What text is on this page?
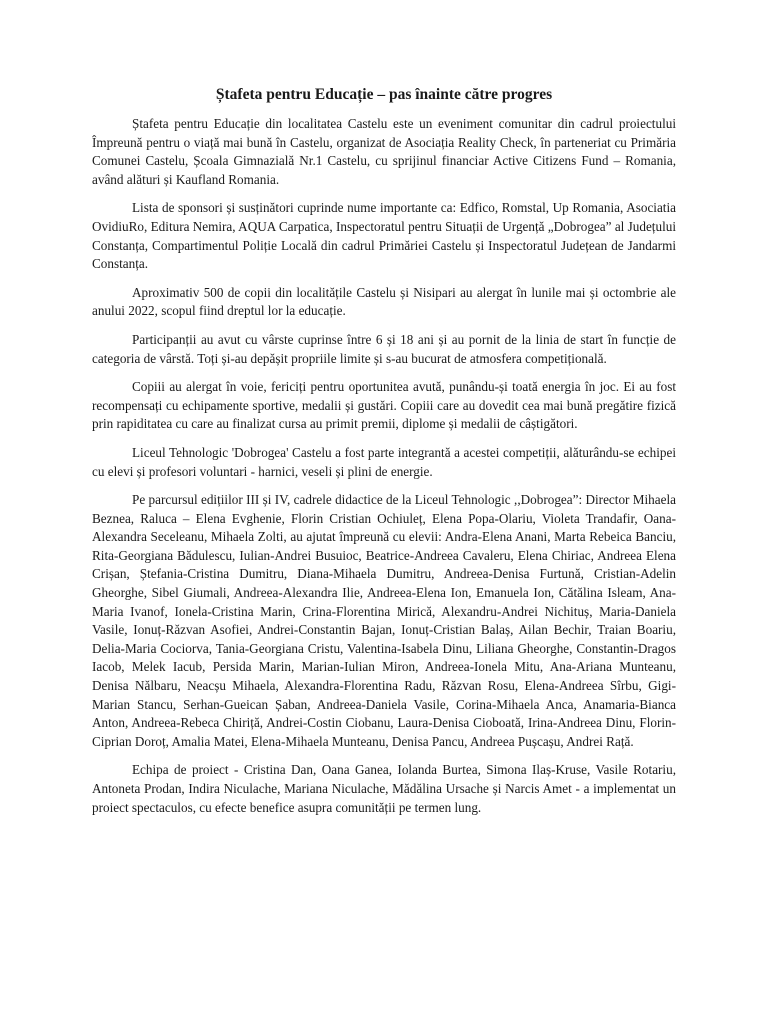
Ștafeta pentru Educație – pas înainte către progres

Ștafeta pentru Educație din localitatea Castelu este un eveniment comunitar din cadrul proiectului Împreună pentru o viață mai bună în Castelu, organizat de Asociația Reality Check, în parteneriat cu Primăria Comunei Castelu, Școala Gimnazială Nr.1 Castelu, cu sprijinul financiar Active Citizens Fund – Romania, având alături și Kaufland Romania.

Lista de sponsori și susținători cuprinde nume importante ca: Edfico, Romstal, Up Romania, Asociatia OvidiuRo, Editura Nemira, AQUA Carpatica, Inspectoratul pentru Situații de Urgență „Dobrogea” al Județului Constanța, Compartimentul Poliție Locală din cadrul Primăriei Castelu și Inspectoratul Județean de Jandarmi Constanța.

Aproximativ 500 de copii din localitățile Castelu și Nisipari au alergat în lunile mai și octombrie ale anului 2022, scopul fiind dreptul lor la educație.

Participanții au avut cu vârste cuprinse între 6 și 18 ani și au pornit de la linia de start în funcție de categoria de vârstă. Toți și-au depășit propriile limite și s-au bucurat de atmosfera competițională.

Copiii au alergat în voie, fericiți pentru oportunitea avută, punându-și toată energia în joc. Ei au fost recompensați cu echipamente sportive, medalii și gustări. Copiii care au dovedit cea mai bună pregătire fizică prin rapiditatea cu care au finalizat cursa au primit premii, diplome și medalii de câștigători.

Liceul Tehnologic 'Dobrogea' Castelu a fost parte integrantă a acestei competiții, alăturându-se echipei cu elevi și profesori voluntari - harnici, veseli și plini de energie.

Pe parcursul edițiilor III și IV, cadrele didactice de la Liceul Tehnologic ,,Dobrogea”: Director Mihaela Beznea, Raluca – Elena Evghenie, Florin Cristian Ochiuleț, Elena Popa-Olariu, Violeta Trandafir, Oana-Alexandra Seceleanu, Mihaela Zolti, au ajutat împreună cu elevii: Andra-Elena Anani, Marta Rebeica Banciu, Rita-Georgiana Bădulescu, Iulian-Andrei Busuioc, Beatrice-Andreea Cavaleru, Elena Chiriac, Andreea Elena Crișan, Ștefania-Cristina Dumitru, Diana-Mihaela Dumitru, Andreea-Denisa Furtună, Cristian-Adelin Gheorghe, Sibel Giumali, Andreea-Alexandra Ilie, Andreea-Elena Ion, Emanuela Ion, Cătălina Isleam, Ana-Maria Ivanof, Ionela-Cristina Marin, Crina-Florentina Mirică, Alexandru-Andrei Nichituș, Maria-Daniela Vasile, Ionuț-Răzvan Asofiei, Andrei-Constantin Bajan, Ionuț-Cristian Balaș, Ailan Bechir, Traian Boariu, Delia-Maria Cociorva, Tania-Georgiana Cristu, Valentina-Isabela Dinu, Liliana Gheorghe, Constantin-Dragos Iacob, Melek Iacub, Persida Marin, Marian-Iulian Miron, Andreea-Ionela Mitu, Ana-Ariana Munteanu, Denisa Nălbaru, Neacșu Mihaela, Alexandra-Florentina Radu, Răzvan Rosu, Elena-Andreea Sîrbu, Gigi-Marian Stancu, Serhan-Gueican Șaban, Andreea-Daniela Vasile, Corina-Mihaela Anca, Anamaria-Bianca Anton, Andreea-Rebeca Chiriță, Andrei-Costin Ciobanu, Laura-Denisa Cioboată, Irina-Andreea Dinu, Florin-Ciprian Doroț, Amalia Matei, Elena-Mihaela Munteanu, Denisa Pancu, Andreea Pușcașu, Andrei Rață.

Echipa de proiect - Cristina Dan, Oana Ganea, Iolanda Burtea, Simona Ilaș-Kruse, Vasile Rotariu, Antoneta Prodan, Indira Niculache, Mariana Niculache, Mădălina Ursache și Narcis Amet - a implementat un proiect spectaculos, cu efecte benefice asupra comunității pe termen lung.
